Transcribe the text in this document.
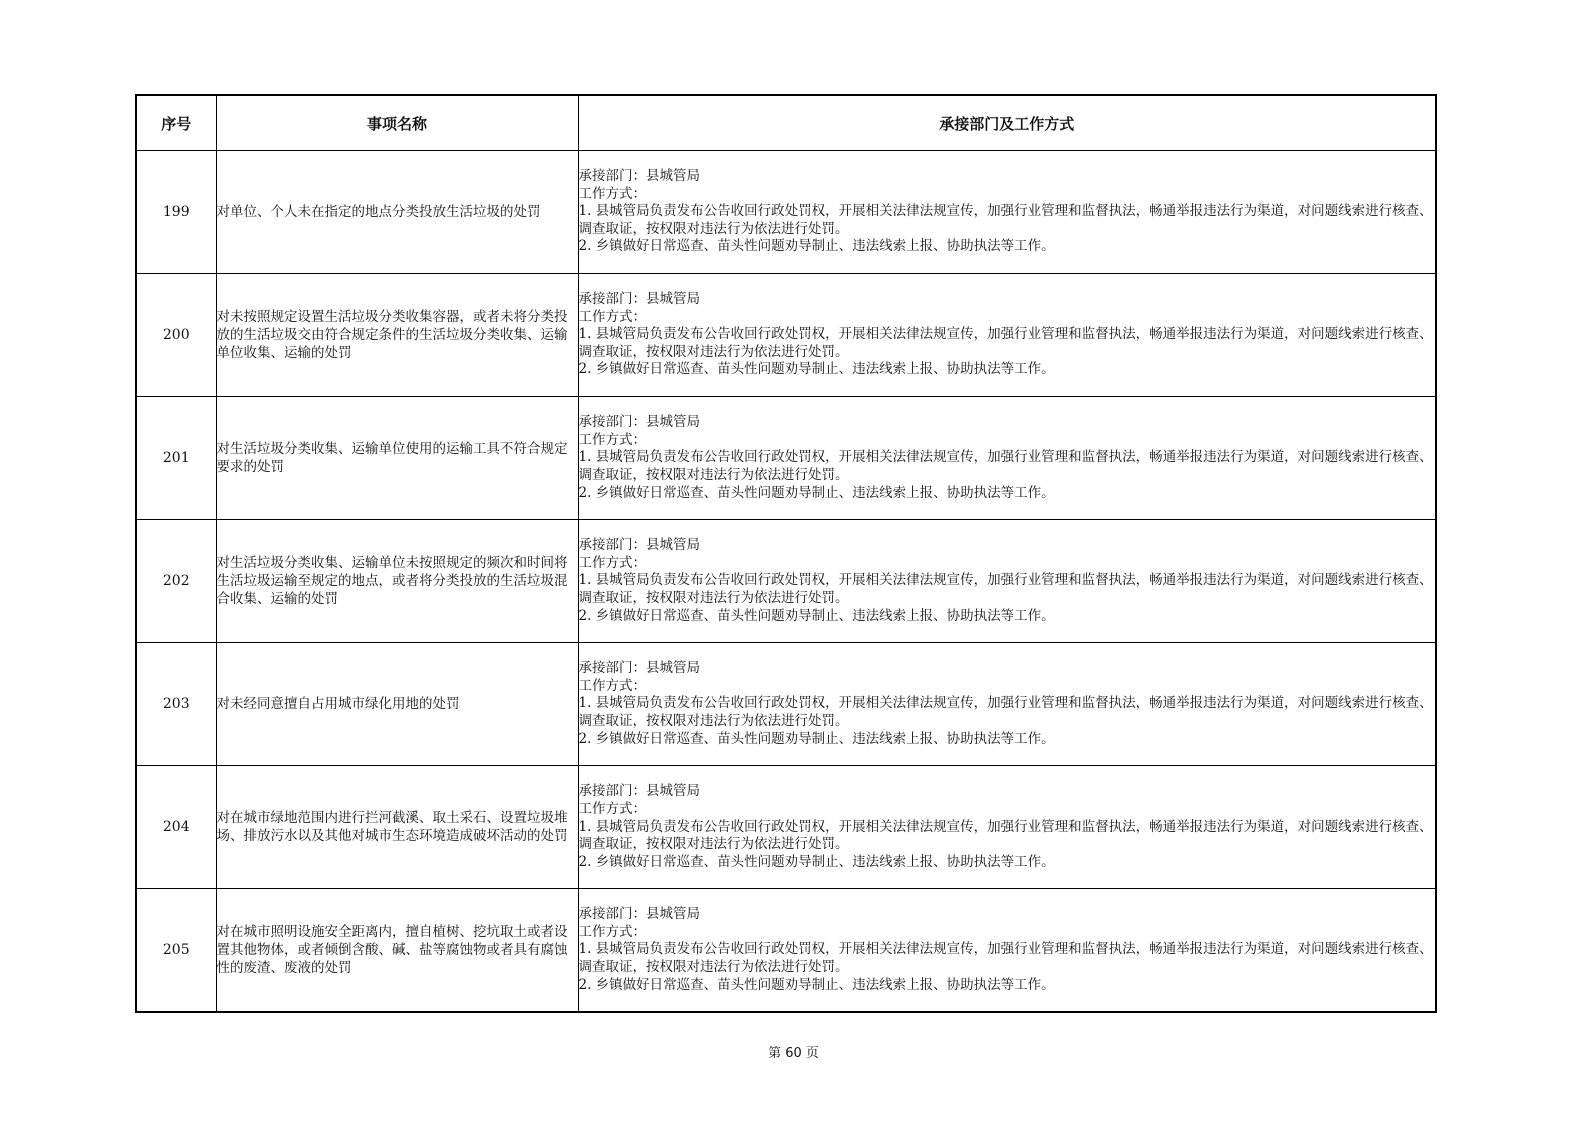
序号	事项名称	承接部门及工作方式
199	对单位、个人未在指定的地点分类投放生活垃圾的处罚	承接部门：县城管局
工作方式：
1. 县城管局负责发布公告收回行政处罚权，开展相关法律法规宣传，加强行业管理和监督执法，畅通举报违法行为渠道，对问题线索进行核查、调查取证，按权限对违法行为依法进行处罚。
2. 乡镇做好日常巡查、苗头性问题劝导制止、违法线索上报、协助执法等工作。

200	对未按照规定设置生活垃圾分类收集容器，或者未将分类投放的生活垃圾交由符合规定条件的生活垃圾分类收集、运输单位收集、运输的处罚	承接部门：县城管局
工作方式：
1. 县城管局负责发布公告收回行政处罚权，开展相关法律法规宣传，加强行业管理和监督执法，畅通举报违法行为渠道，对问题线索进行核查、调查取证，按权限对违法行为依法进行处罚。
2. 乡镇做好日常巡查、苗头性问题劝导制止、违法线索上报、协助执法等工作。

201	对生活垃圾分类收集、运输单位使用的运输工具不符合规定要求的处罚	承接部门：县城管局
工作方式：
1. 县城管局负责发布公告收回行政处罚权，开展相关法律法规宣传，加强行业管理和监督执法，畅通举报违法行为渠道，对问题线索进行核查、调查取证，按权限对违法行为依法进行处罚。
2. 乡镇做好日常巡查、苗头性问题劝导制止、违法线索上报、协助执法等工作。

202	对生活垃圾分类收集、运输单位未按照规定的频次和时间将生活垃圾运输至规定的地点，或者将分类投放的生活垃圾混合收集、运输的处罚	承接部门：县城管局
工作方式：
1. 县城管局负责发布公告收回行政处罚权，开展相关法律法规宣传，加强行业管理和监督执法，畅通举报违法行为渠道，对问题线索进行核查、调查取证，按权限对违法行为依法进行处罚。
2. 乡镇做好日常巡查、苗头性问题劝导制止、违法线索上报、协助执法等工作。

203	对未经同意擅自占用城市绿化用地的处罚	承接部门：县城管局
工作方式：
1. 县城管局负责发布公告收回行政处罚权，开展相关法律法规宣传，加强行业管理和监督执法，畅通举报违法行为渠道，对问题线索进行核查、调查取证，按权限对违法行为依法进行处罚。
2. 乡镇做好日常巡查、苗头性问题劝导制止、违法线索上报、协助执法等工作。

204	对在城市绿地范围内进行拦河截溪、取土采石、设置垃圾堆场、排放污水以及其他对城市生态环境造成破坏活动的处罚	承接部门：县城管局
工作方式：
1. 县城管局负责发布公告收回行政处罚权，开展相关法律法规宣传，加强行业管理和监督执法，畅通举报违法行为渠道，对问题线索进行核查、调查取证，按权限对违法行为依法进行处罚。
2. 乡镇做好日常巡查、苗头性问题劝导制止、违法线索上报、协助执法等工作。

205	对在城市照明设施安全距离内，擅自植树、挖坑取土或者设置其他物体，或者倾倒含酸、碱、盐等腐蚀物或者具有腐蚀性的废渣、废液的处罚	承接部门：县城管局
工作方式：
1. 县城管局负责发布公告收回行政处罚权，开展相关法律法规宣传，加强行业管理和监督执法，畅通举报违法行为渠道，对问题线索进行核查、调查取证，按权限对违法行为依法进行处罚。
2. 乡镇做好日常巡查、苗头性问题劝导制止、违法线索上报、协助执法等工作。
第 60 页
